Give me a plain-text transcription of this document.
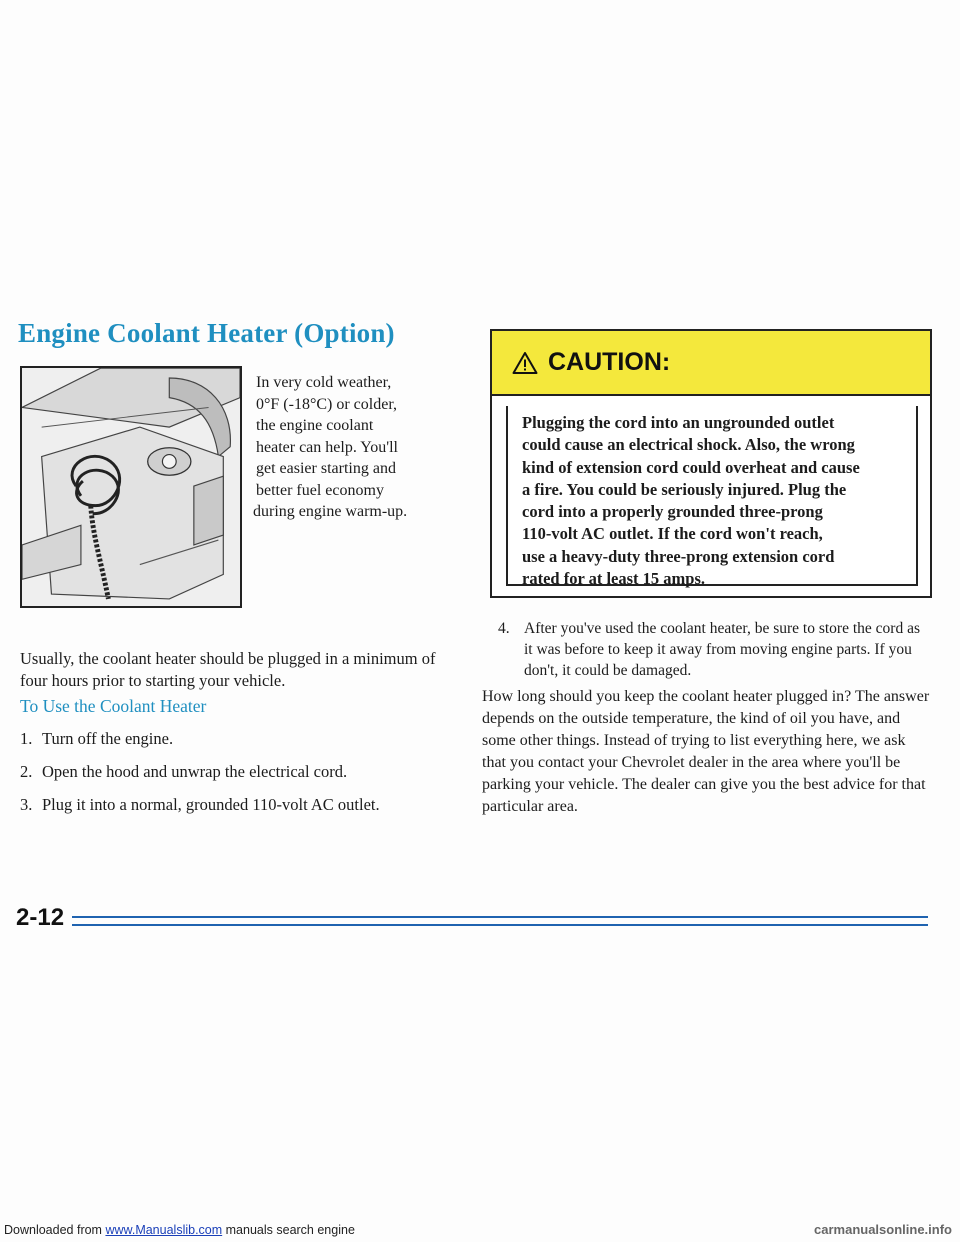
Engine Coolant Heater (Option)

In very cold weather,
0°F (-18°C) or colder,
the engine coolant
heater can help. You'll
get easier starting and
better fuel economy
during engine warm-up.

Usually, the coolant heater should be plugged in a minimum of four hours prior to starting your vehicle.

To Use the Coolant Heater
1. Turn off the engine.
2. Open the hood and unwrap the electrical cord.
3. Plug it into a normal, grounded 110-volt AC outlet.
CAUTION:
Plugging the cord into an ungrounded outlet
could cause an electrical shock. Also, the wrong
kind of extension cord could overheat and cause
a fire. You could be seriously injured. Plug the
cord into a properly grounded three-prong
110-volt AC outlet. If the cord won't reach,
use a heavy-duty three-prong extension cord
rated for at least 15 amps.
4. After you've used the coolant heater, be sure to store the cord as it was before to keep it away from moving engine parts. If you don't, it could be damaged.

How long should you keep the coolant heater plugged in? The answer depends on the outside temperature, the kind of oil you have, and some other things. Instead of trying to list everything here, we ask that you contact your Chevrolet dealer in the area where you'll be parking your vehicle. The dealer can give you the best advice for that particular area.

2-12
Downloaded from www.Manualslib.com manuals search engine	carmanualsonline.info
